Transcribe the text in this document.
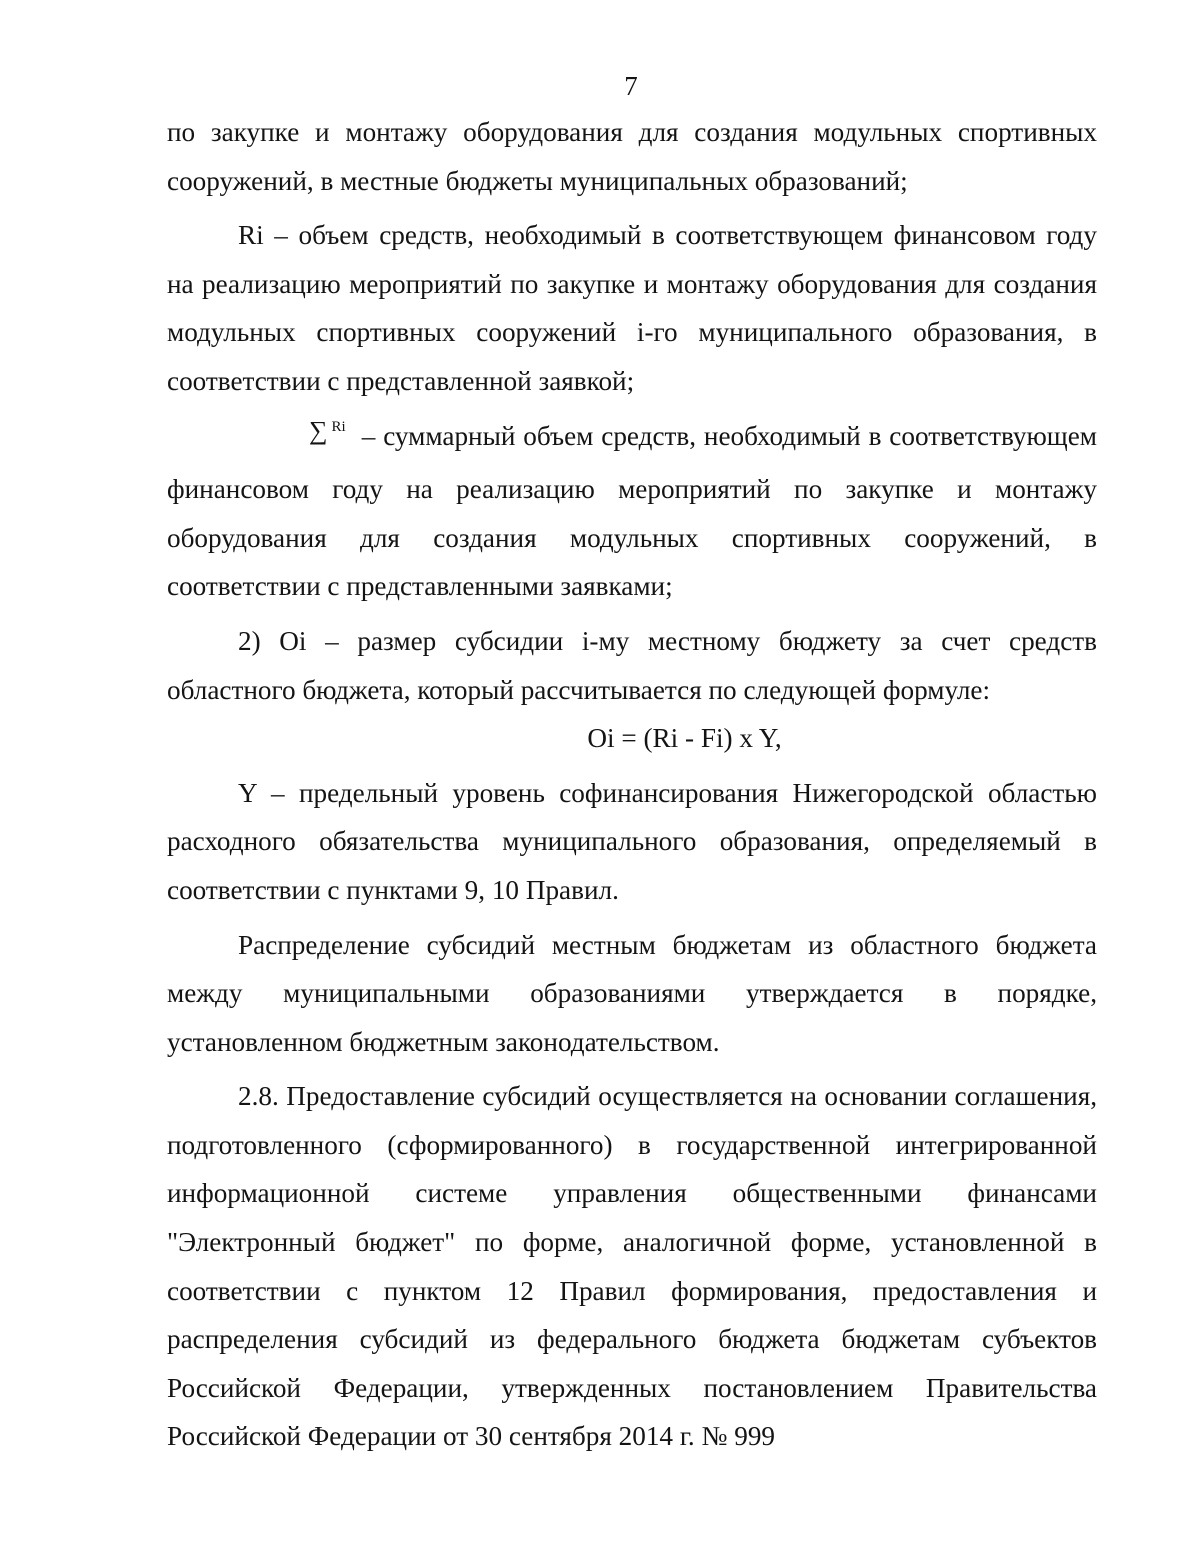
7

по закупке и монтажу оборудования для создания модульных спортивных сооружений, в местные бюджеты муниципальных образований;

Ri – объем средств, необходимый в соответствующем финансовом году на реализацию мероприятий по закупке и монтажу оборудования для создания модульных спортивных сооружений i-го муниципального образования, в соответствии с представленной заявкой;

∑ $^{Ri}$ – суммарный объем средств, необходимый в соответствующем финансовом году на реализацию мероприятий по закупке и монтажу оборудования для создания модульных спортивных сооружений, в соответствии с представленными заявками;

2) Oi – размер субсидии i-му местному бюджету за счет средств областного бюджета, который рассчитывается по следующей формуле:

Oi = (Ri - Fi) x Y,

Y – предельный уровень софинансирования Нижегородской областью расходного обязательства муниципального образования, определяемый в соответствии с пунктами 9, 10 Правил.

Распределение субсидий местным бюджетам из областного бюджета между муниципальными образованиями утверждается в порядке, установленном бюджетным законодательством.

2.8. Предоставление субсидий осуществляется на основании соглашения, подготовленного (сформированного) в государственной интегрированной информационной системе управления общественными финансами "Электронный бюджет" по форме, аналогичной форме, установленной в соответствии с пунктом 12 Правил формирования, предоставления и распределения субсидий из федерального бюджета бюджетам субъектов Российской Федерации, утвержденных постановлением Правительства Российской Федерации от 30 сентября 2014 г. № 999
